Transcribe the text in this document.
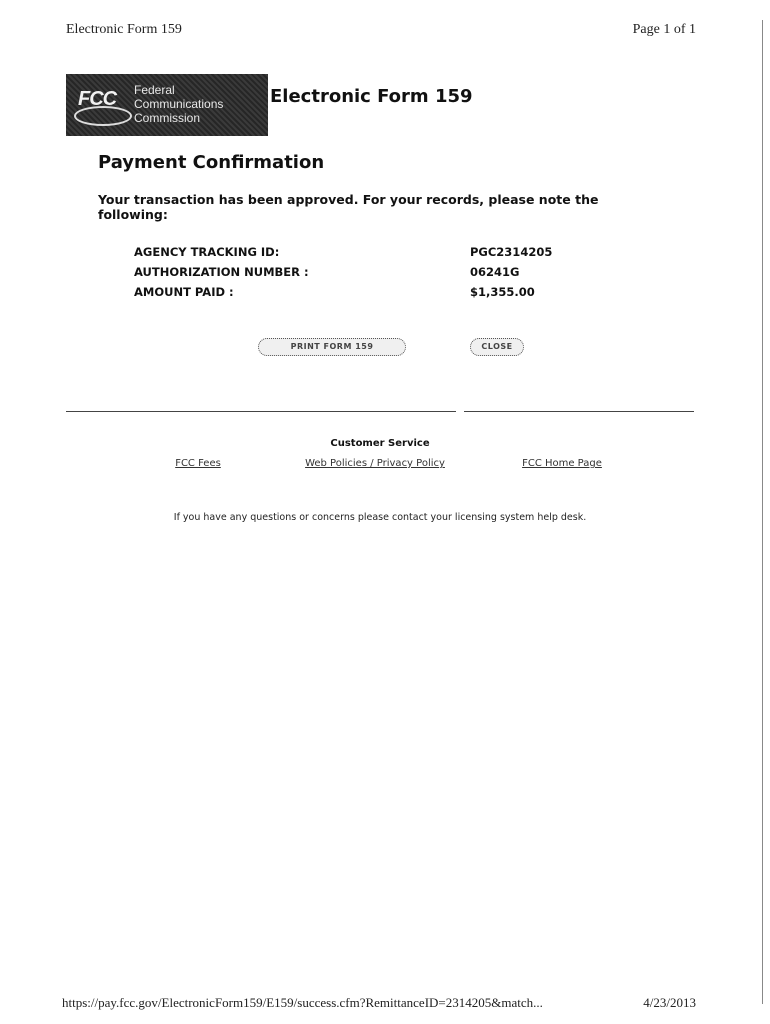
Electronic Form 159	Page 1 of 1
FCC Federal
Communications
Commission
Electronic Form 159
Payment Confirmation

Your transaction has been approved. For your records, please note the following:

AGENCY TRACKING ID:	PGC2314205
AUTHORIZATION NUMBER :	06241G
AMOUNT PAID :	$1,355.00
PRINT FORM 159	CLOSE
Customer Service
FCC Fees	Web Policies / Privacy Policy	FCC Home Page
If you have any questions or concerns please contact your licensing system help desk.
https://pay.fcc.gov/ElectronicForm159/E159/success.cfm?RemittanceID=2314205&match...	4/23/2013
